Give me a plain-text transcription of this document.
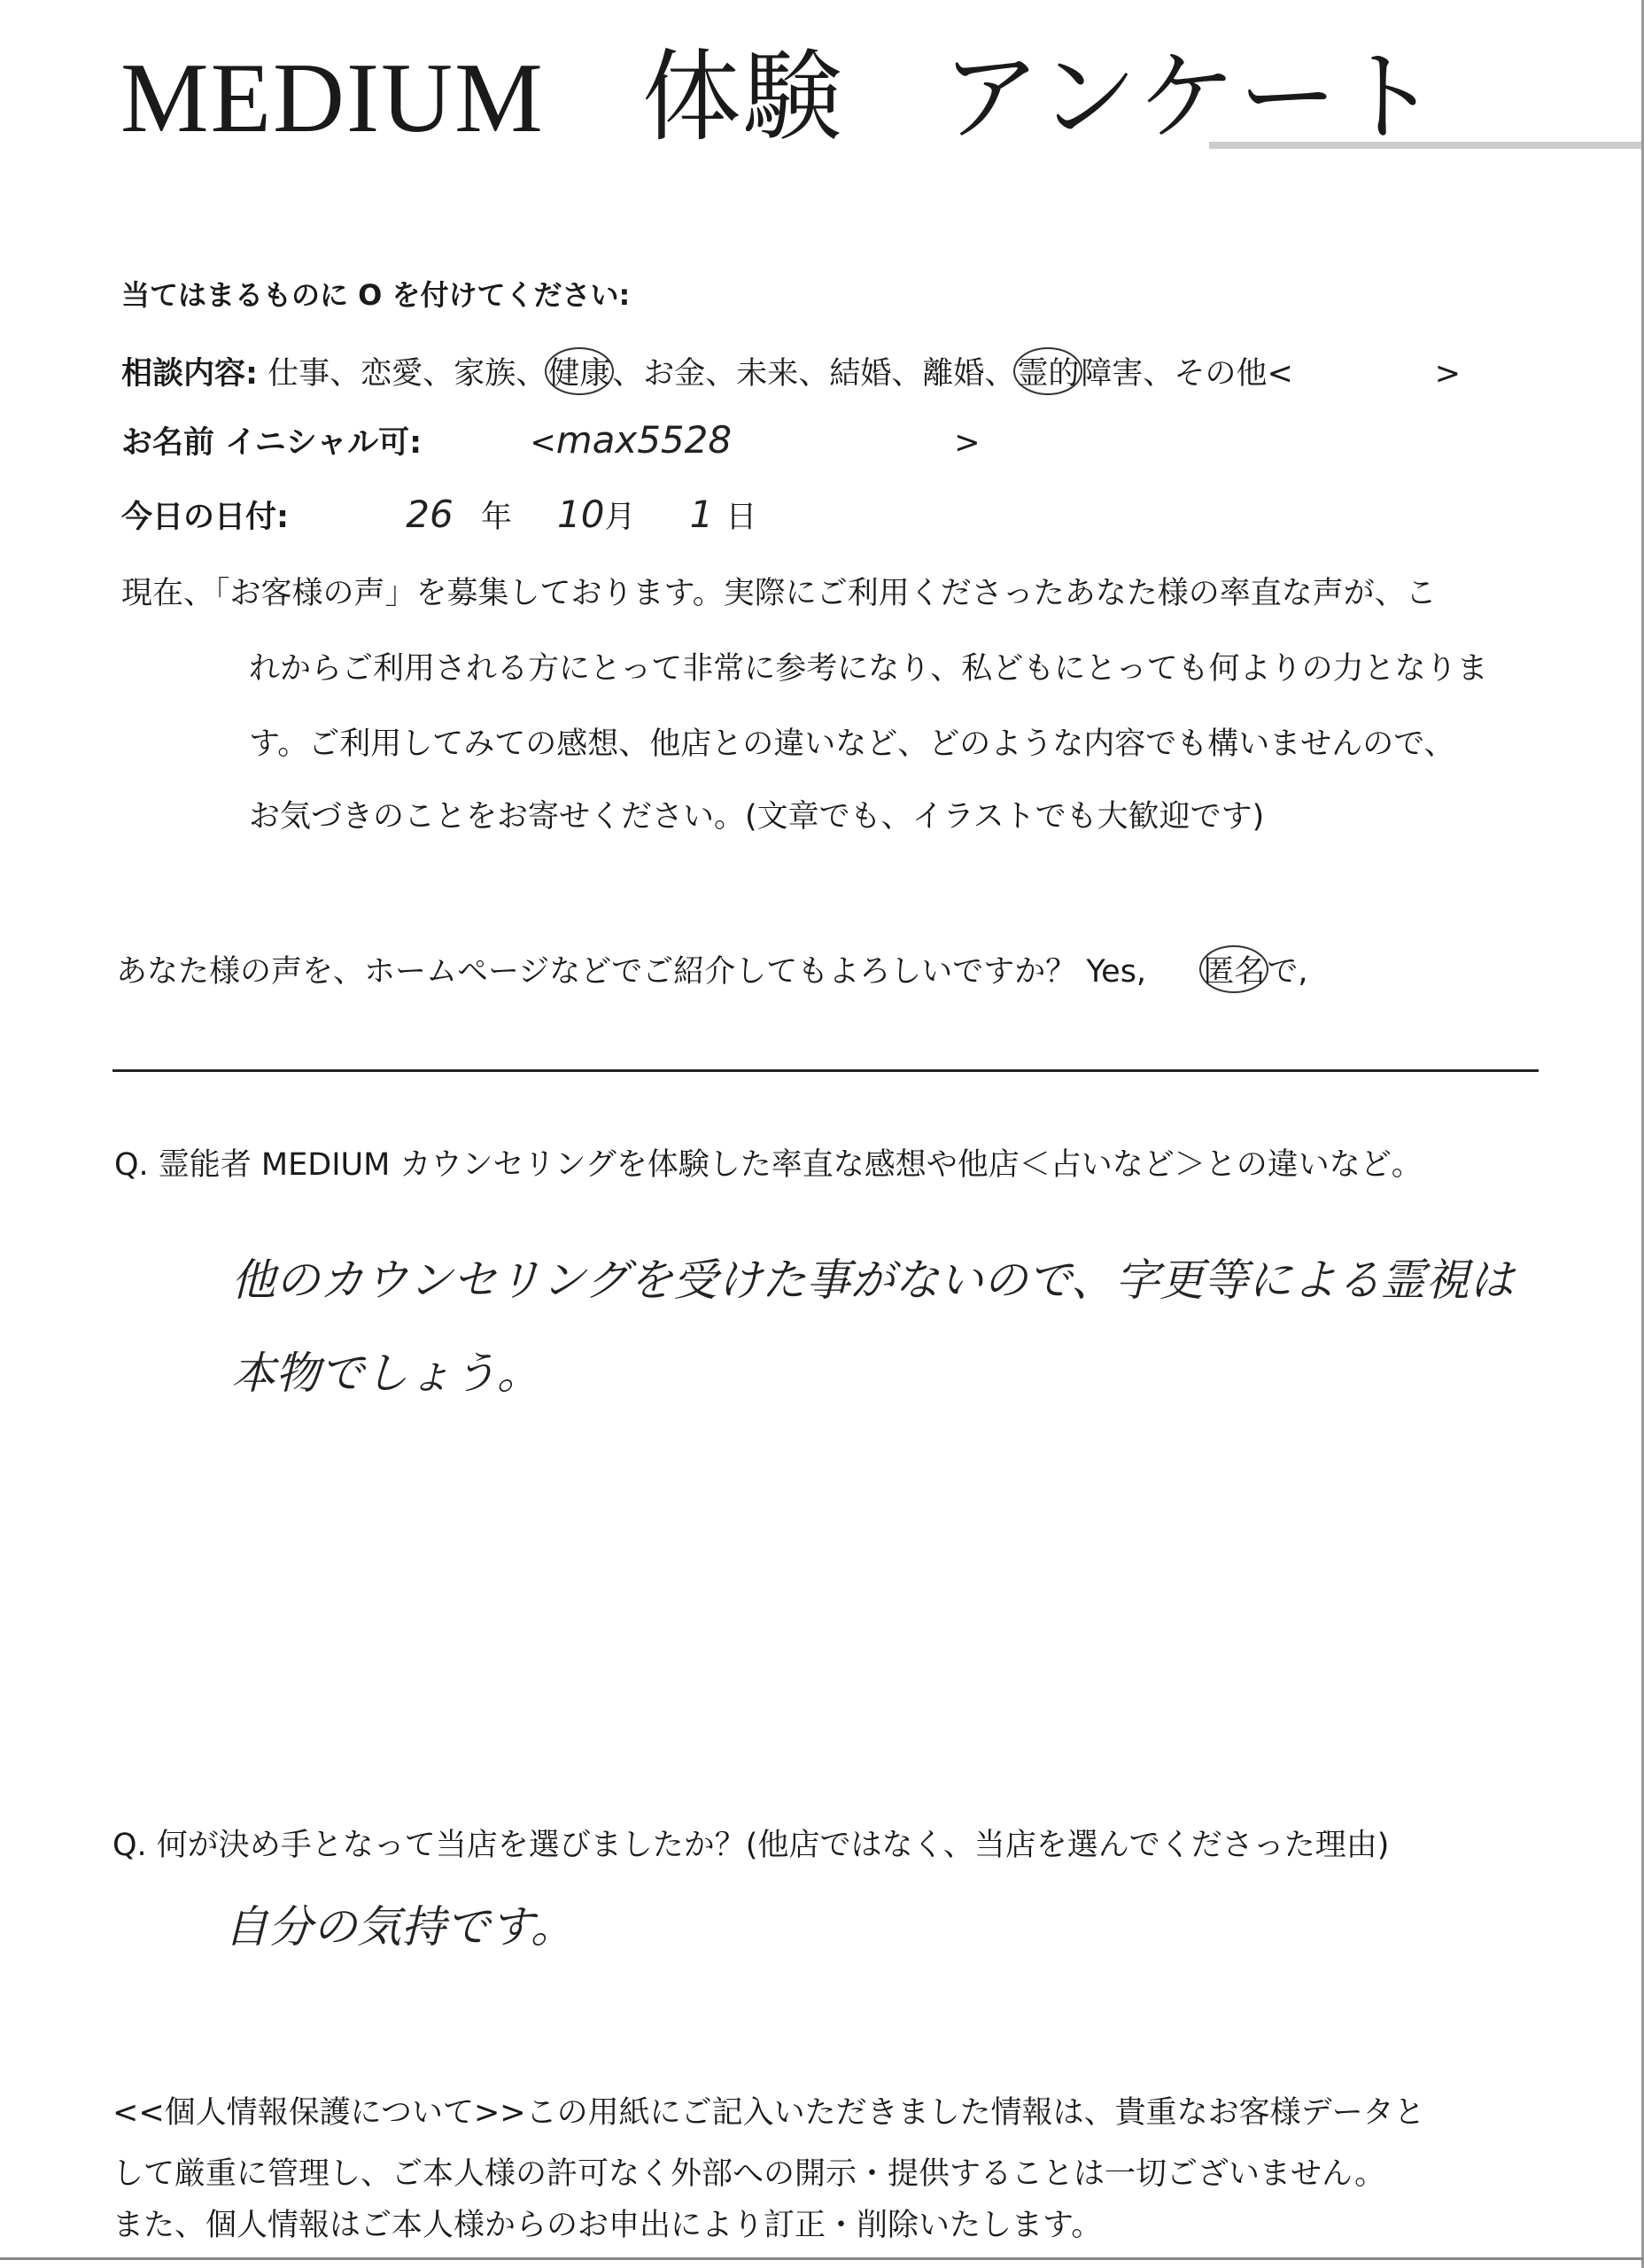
MEDIUM 体験 アンケート
当てはまるものに O を付けてください:
相談内容: 仕事、恋愛、家族、健康、お金、未来、結婚、離婚、霊的障害、その他<	>
お名前 イニシャル可:	<max5528	>
今日の日付:	26 年 10月 1 日
現在、「お客様の声」を募集しております。実際にご利用くださったあなた様の率直な声が、こ
れからご利用される方にとって非常に参考になり、私どもにとっても何よりの力となりま
す。ご利用してみての感想、他店との違いなど、どのような内容でも構いませんので、
お気づきのことをお寄せください。(文章でも、イラストでも大歓迎です)
あなた様の声を、ホームページなどでご紹介してもよろしいですか？ Yes, 匿名で,
Q. 霊能者 MEDIUM カウンセリングを体験した率直な感想や他店＜占いなど＞との違いなど。
他のカウンセリングを受けた事がないので、字更等による霊視は
本物でしょう。
Q. 何が決め手となって当店を選びましたか？(他店ではなく、当店を選んでくださった理由)
自分の気持です。
<<個人情報保護について>>この用紙にご記入いただきました情報は、貴重なお客様データと
して厳重に管理し、ご本人様の許可なく外部への開示・提供することは一切ございません。
また、個人情報はご本人様からのお申出により訂正・削除いたします。
